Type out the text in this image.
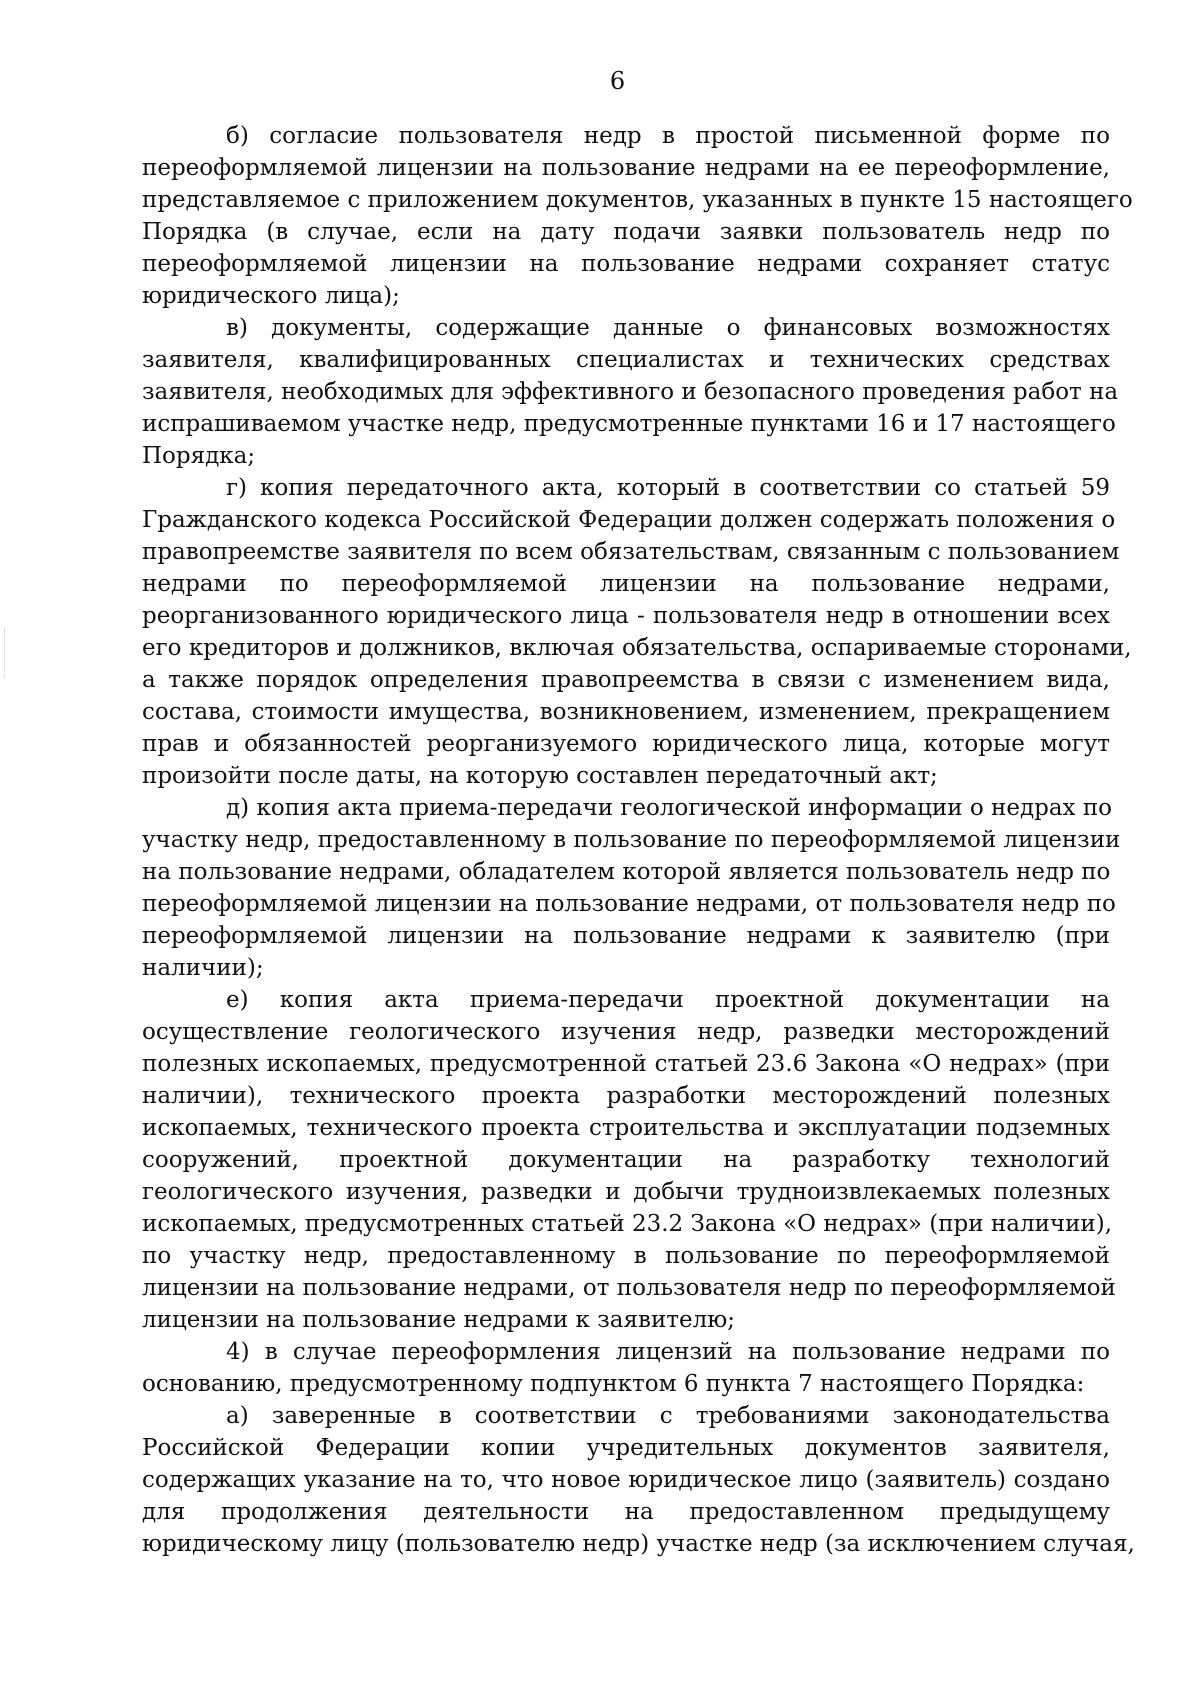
6
б) согласие пользователя недр в простой письменной форме по
переоформляемой лицензии на пользование недрами на ее переоформление,
представляемое с приложением документов, указанных в пункте 15 настоящего
Порядка (в случае, если на дату подачи заявки пользователь недр по
переоформляемой лицензии на пользование недрами сохраняет статус
юридического лица);
в) документы, содержащие данные о финансовых возможностях
заявителя, квалифицированных специалистах и технических средствах
заявителя, необходимых для эффективного и безопасного проведения работ на
испрашиваемом участке недр, предусмотренные пунктами 16 и 17 настоящего
Порядка;
г) копия передаточного акта, который в соответствии со статьей 59
Гражданского кодекса Российской Федерации должен содержать положения о
правопреемстве заявителя по всем обязательствам, связанным с пользованием
недрами по переоформляемой лицензии на пользование недрами,
реорганизованного юридического лица - пользователя недр в отношении всех
его кредиторов и должников, включая обязательства, оспариваемые сторонами,
а также порядок определения правопреемства в связи с изменением вида,
состава, стоимости имущества, возникновением, изменением, прекращением
прав и обязанностей реорганизуемого юридического лица, которые могут
произойти после даты, на которую составлен передаточный акт;
д) копия акта приема-передачи геологической информации о недрах по
участку недр, предоставленному в пользование по переоформляемой лицензии
на пользование недрами, обладателем которой является пользователь недр по
переоформляемой лицензии на пользование недрами, от пользователя недр по
переоформляемой лицензии на пользование недрами к заявителю (при
наличии);
е) копия акта приема-передачи проектной документации на
осуществление геологического изучения недр, разведки месторождений
полезных ископаемых, предусмотренной статьей 23.6 Закона «О недрах» (при
наличии), технического проекта разработки месторождений полезных
ископаемых, технического проекта строительства и эксплуатации подземных
сооружений, проектной документации на разработку технологий
геологического изучения, разведки и добычи трудноизвлекаемых полезных
ископаемых, предусмотренных статьей 23.2 Закона «О недрах» (при наличии),
по участку недр, предоставленному в пользование по переоформляемой
лицензии на пользование недрами, от пользователя недр по переоформляемой
лицензии на пользование недрами к заявителю;
4) в случае переоформления лицензий на пользование недрами по
основанию, предусмотренному подпунктом 6 пункта 7 настоящего Порядка:
а) заверенные в соответствии с требованиями законодательства
Российской Федерации копии учредительных документов заявителя,
содержащих указание на то, что новое юридическое лицо (заявитель) создано
для продолжения деятельности на предоставленном предыдущему
юридическому лицу (пользователю недр) участке недр (за исключением случая,
